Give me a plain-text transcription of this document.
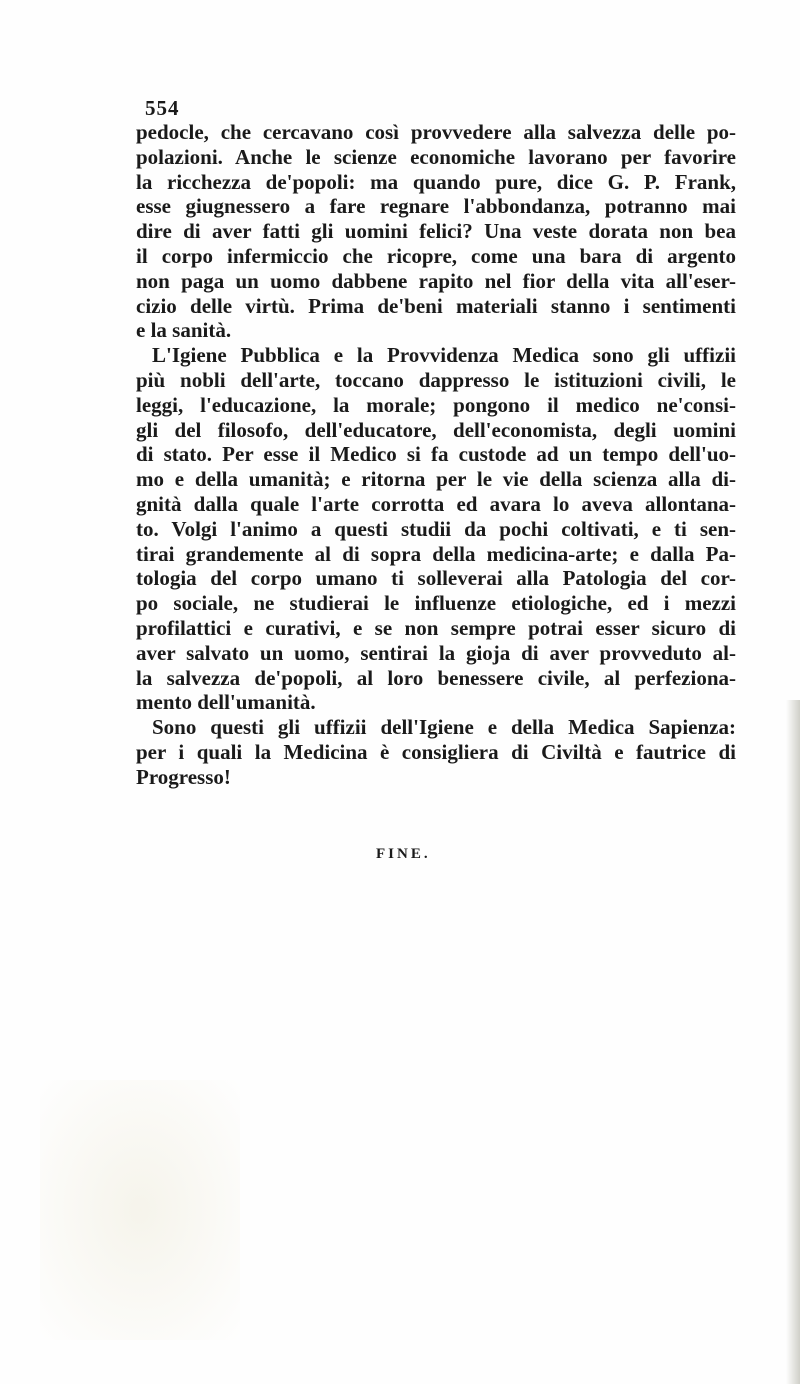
554
pedocle, che cercavano così provvedere alla salvezza delle po-
polazioni. Anche le scienze economiche lavorano per favorire
la ricchezza de'popoli: ma quando pure, dice G. P. Frank,
esse giugnessero a fare regnare l'abbondanza, potranno mai
dire di aver fatti gli uomini felici? Una veste dorata non bea
il corpo infermiccio che ricopre, come una bara di argento
non paga un uomo dabbene rapito nel fior della vita all'eser-
cizio delle virtù. Prima de'beni materiali stanno i sentimenti
e la sanità.
L'Igiene Pubblica e la Provvidenza Medica sono gli uffizii
più nobli dell'arte, toccano dappresso le istituzioni civili, le
leggi, l'educazione, la morale; pongono il medico ne'consi-
gli del filosofo, dell'educatore, dell'economista, degli uomini
di stato. Per esse il Medico si fa custode ad un tempo dell'uo-
mo e della umanità; e ritorna per le vie della scienza alla di-
gnità dalla quale l'arte corrotta ed avara lo aveva allontana-
to. Volgi l'animo a questi studii da pochi coltivati, e ti sen-
tirai grandemente al di sopra della medicina-arte; e dalla Pa-
tologia del corpo umano ti solleverai alla Patologia del cor-
po sociale, ne studierai le influenze etiologiche, ed i mezzi
profilattici e curativi, e se non sempre potrai esser sicuro di
aver salvato un uomo, sentirai la gioja di aver provveduto al-
la salvezza de'popoli, al loro benessere civile, al perfeziona-
mento dell'umanità.
Sono questi gli uffizii dell'Igiene e della Medica Sapienza:
per i quali la Medicina è consigliera di Civiltà e fautrice di
Progresso!
FINE.
